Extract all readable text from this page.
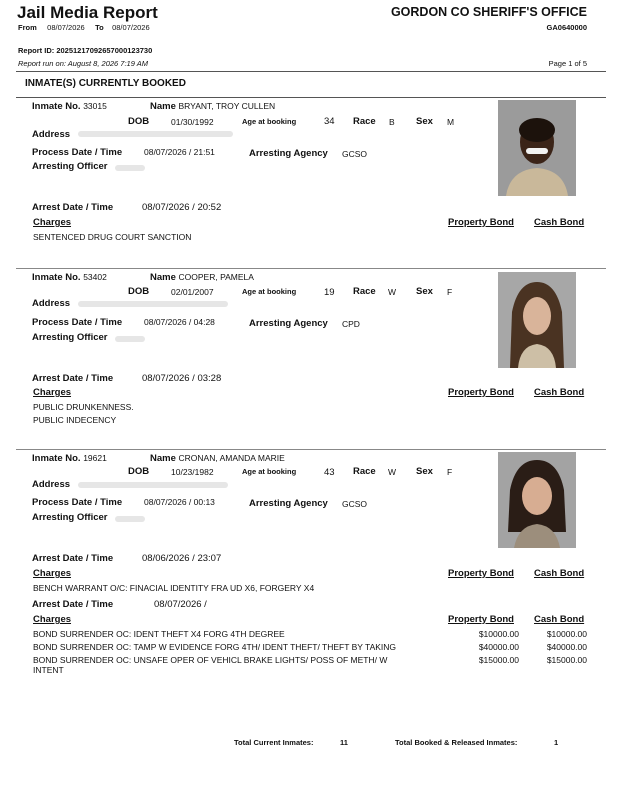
Jail Media Report	GORDON CO SHERIFF'S OFFICE
From 08/07/2026 To 08/07/2026	GA0640000
Report ID: 20251217092657000123730
Report run on: August 8, 2026 7:19 AM	Page 1 of 5
INMATE(S) CURRENTLY BOOKED
Inmate No. 33015	Name BRYANT, TROY CULLEN
DOB	01/30/1992	Age at booking	34 Race B Sex M
Address
Process Date / Time	08/07/2026 / 21:51	Arresting Agency GCSO
Arresting Officer
Arrest Date / Time	08/07/2026 / 20:52
Charges	Property Bond Cash Bond
SENTENCED DRUG COURT SANCTION
Inmate No. 53402	Name COOPER, PAMELA
DOB	02/01/2007	Age at booking	19 Race W Sex F
Address
Process Date / Time	08/07/2026 / 04:28	Arresting Agency CPD
Arresting Officer
Arrest Date / Time	08/07/2026 / 03:28
Charges	Property Bond Cash Bond
PUBLIC DRUNKENNESS.
PUBLIC INDECENCY
Inmate No. 19621	Name CRONAN, AMANDA MARIE
DOB	10/23/1982	Age at booking	43 Race W Sex F
Address
Process Date / Time	08/07/2026 / 00:13	Arresting Agency GCSO
Arresting Officer
Arrest Date / Time	08/06/2026 / 23:07
Charges	Property Bond Cash Bond
BENCH WARRANT O/C: FINACIAL IDENTITY FRA UD X6, FORGERY X4
Arrest Date / Time	08/07/2026 /
Charges	Property Bond Cash Bond
BOND SURRENDER OC: IDENT THEFT X4 FORG 4TH DEGREE	$10000.00	$10000.00
BOND SURRENDER OC: TAMP W EVIDENCE FORG 4TH/ IDENT THEFT/ THEFT BY TAKING	$40000.00	$40000.00
BOND SURRENDER OC: UNSAFE OPER OF VEHICL BRAKE LIGHTS/ POSS OF METH/ W
INTENT
$15000.00	$15000.00
Total Current Inmates:	11	Total Booked & Released Inmates:	1
